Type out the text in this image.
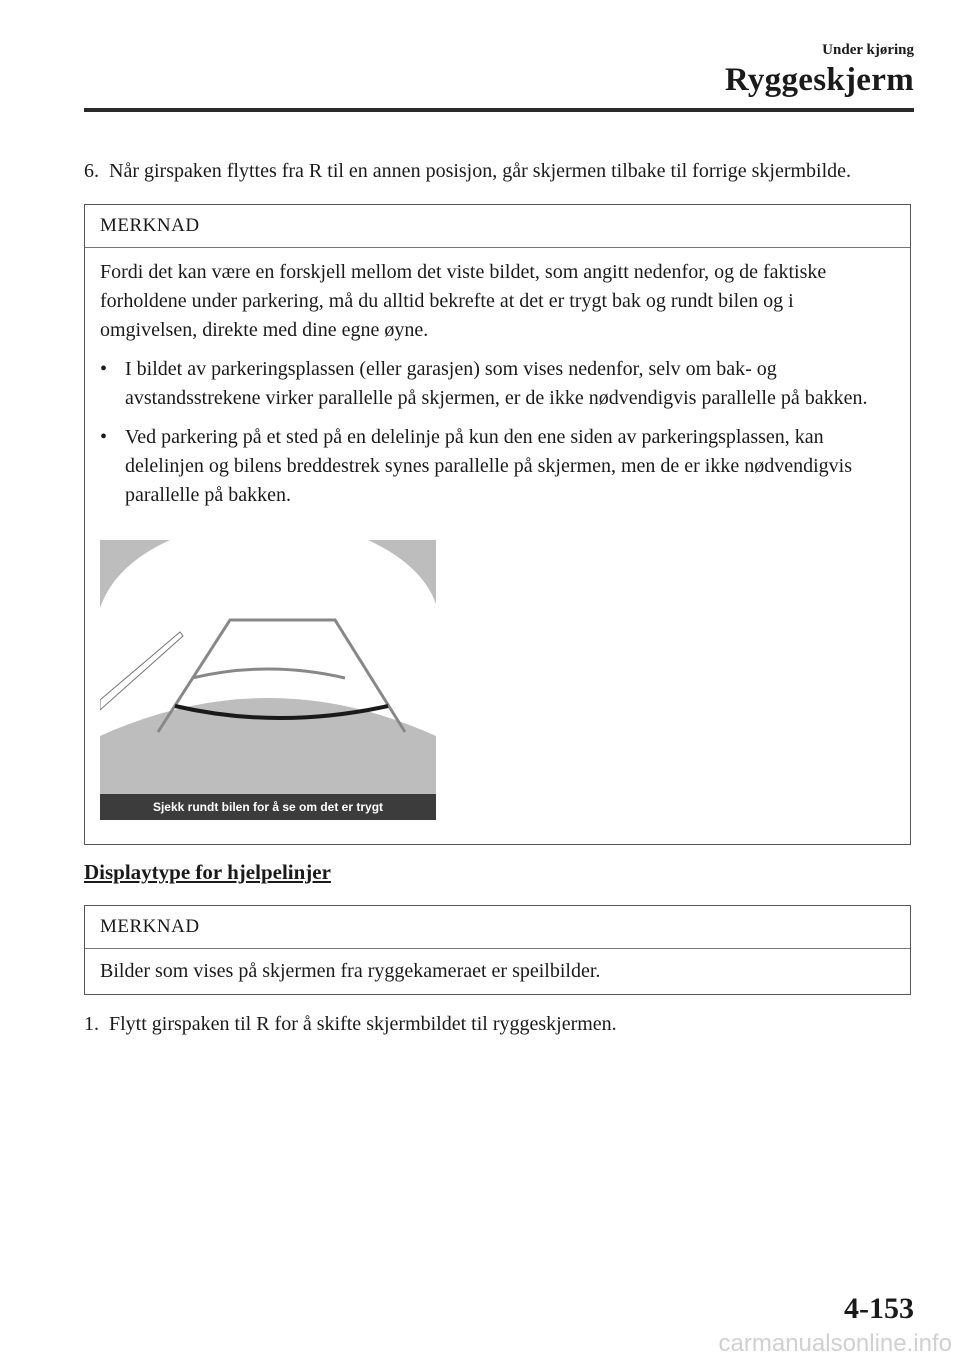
Under kjøring
Ryggeskjerm
6. Når girspaken flyttes fra R til en annen posisjon, går skjermen tilbake til forrige skjermbilde.
MERKNAD

Fordi det kan være en forskjell mellom det viste bildet, som angitt nedenfor, og de faktiske forholdene under parkering, må du alltid bekrefte at det er trygt bak og rundt bilen og i omgivelsen, direkte med dine egne øyne.

• I bildet av parkeringsplassen (eller garasjen) som vises nedenfor, selv om bak- og avstandsstrekene virker parallelle på skjermen, er de ikke nødvendigvis parallelle på bakken.
• Ved parkering på et sted på en delelinje på kun den ene siden av parkeringsplassen, kan delelinjen og bilens breddestrek synes parallelle på skjermen, men de er ikke nødvendigvis parallelle på bakken.
Sjekk rundt bilen for å se om det er trygt
Displaytype for hjelpelinjer
MERKNAD

Bilder som vises på skjermen fra ryggekameraet er speilbilder.

1. Flytt girspaken til R for å skifte skjermbildet til ryggeskjermen.
4-153
carmanualsonline.info
